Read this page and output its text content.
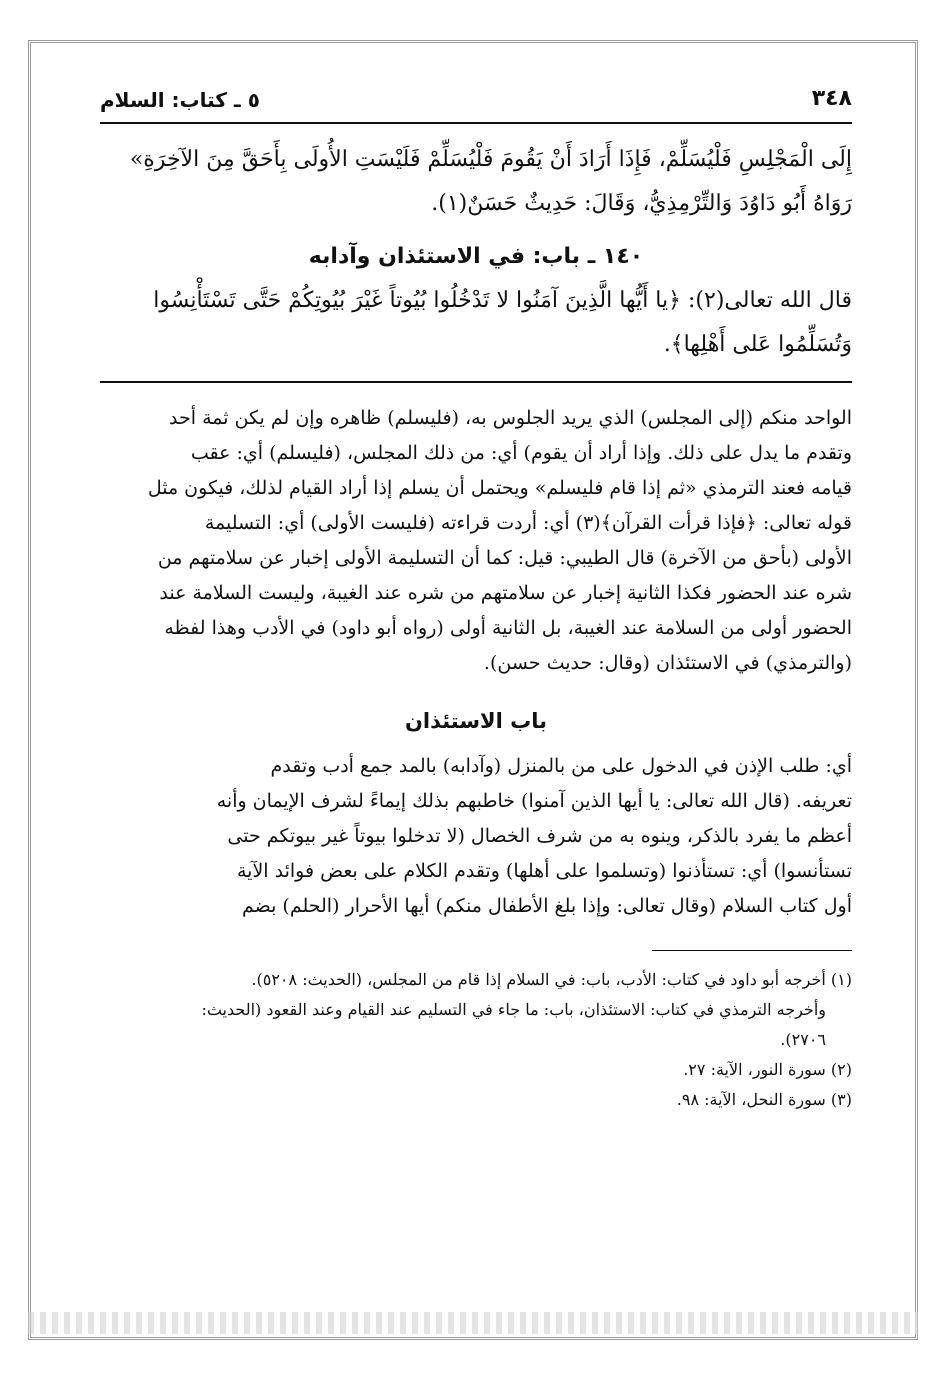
٣٤٨
٥ ـ كتاب: السلام
إِلَى الْمَجْلِسِ فَلْيُسَلِّمْ، فَإِذَا أَرَادَ أَنْ يَقُومَ فَلْيُسَلِّمْ فَلَيْسَتِ الأُولَى بِأَحَقَّ مِنَ الآخِرَةِ»
رَوَاهُ أَبُو دَاوُدَ وَالتِّرْمِذِيُّ، وَقَالَ: حَدِيثٌ حَسَنٌ(١).
١٤٠ ـ باب: في الاستئذان وآدابه
قال الله تعالى(٢): ﴿يا أَيُّها الَّذِينَ آمَنُوا لا تَدْخُلُوا بُيُوتاً غَيْرَ بُيُوتِكُمْ حَتَّى تَسْتَأْنِسُوا
وَتُسَلِّمُوا عَلى أَهْلِها﴾.
الواحد منكم (إلى المجلس) الذي يريد الجلوس به، (فليسلم) ظاهره وإن لم يكن ثمة أحد
وتقدم ما يدل على ذلك. وإذا أراد أن يقوم) أي: من ذلك المجلس، (فليسلم) أي: عقب
قيامه فعند الترمذي «ثم إذا قام فليسلم» ويحتمل أن يسلم إذا أراد القيام لذلك، فيكون مثل
قوله تعالى: ﴿فإذا قرأت القرآن﴾(٣) أي: أردت قراءته (فليست الأولى) أي: التسليمة
الأولى (بأحق من الآخرة) قال الطيبي: قيل: كما أن التسليمة الأولى إخبار عن سلامتهم من
شره عند الحضور فكذا الثانية إخبار عن سلامتهم من شره عند الغيبة، وليست السلامة عند
الحضور أولى من السلامة عند الغيبة، بل الثانية أولى (رواه أبو داود) في الأدب وهذا لفظه
(والترمذي) في الاستئذان (وقال: حديث حسن).
باب الاستئذان
أي: طلب الإذن في الدخول على من بالمنزل (وآدابه) بالمد جمع أدب وتقدم
تعريفه. (قال الله تعالى: يا أيها الذين آمنوا) خاطبهم بذلك إيماءً لشرف الإيمان وأنه
أعظم ما يفرد بالذكر، وينوه به من شرف الخصال (لا تدخلوا بيوتاً غير بيوتكم حتى
تستأنسوا) أي: تستأذنوا (وتسلموا على أهلها) وتقدم الكلام على بعض فوائد الآية
أول كتاب السلام (وقال تعالى: وإذا بلغ الأطفال منكم) أيها الأحرار (الحلم) بضم
(١) أخرجه أبو داود في كتاب: الأدب، باب: في السلام إذا قام من المجلس، (الحديث: ٥٢٠٨).
وأخرجه الترمذي في كتاب: الاستئذان، باب: ما جاء في التسليم عند القيام وعند القعود (الحديث:
٢٧٠٦).
(٢) سورة النور، الآية: ٢٧.
(٣) سورة النحل، الآية: ٩٨.
